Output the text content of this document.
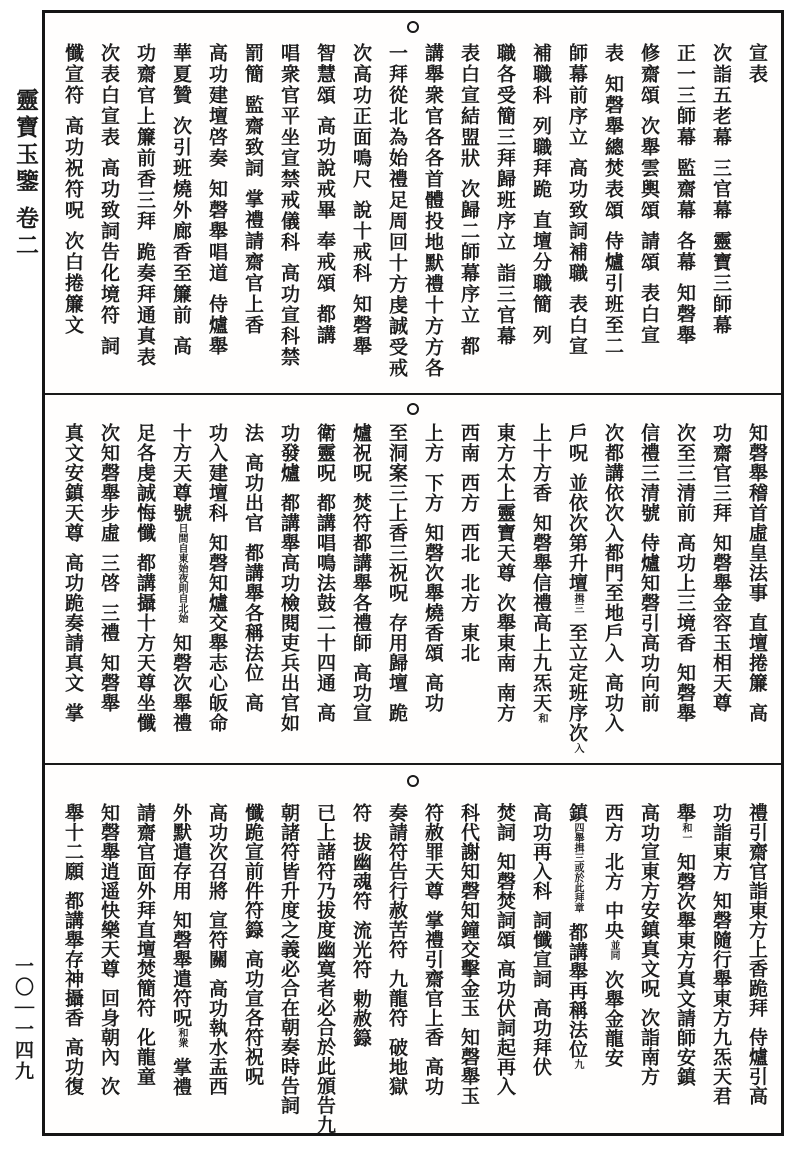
靈寶玉鑒卷二
一〇｜一四九
宣表
次詣五老幕三官幕靈寶三師幕
正一三師幕監齋幕各幕知磬舉
修齋頌次舉雲輿頌請頌表白宣
表知磬舉總焚表頌侍爐引班至二
師幕前序立高功致詞補職表白宣
補職科列職拜跪直壇分職簡列
職各受簡三拜歸班序立詣三官幕
表白宣結盟狀次歸二師幕序立都
講舉衆官各各首體投地默禮十方方各
一拜從北為始禮足周回十方虔誠受戒
次高功正面鳴尺說十戒科知磬舉
智慧頌高功說戒畢奉戒頌都講
唱衆官平坐宣禁戒儀科高功宣科禁
罰簡監齋致詞掌禮請齋官上香
高功建壇啓奏知磬舉唱道侍爐舉
華夏贊次引班燒外廊香至簾前高
功齋官上簾前香三拜跪奏拜通真表
次表白宣表高功致詞告化境符詞
懺宣符高功祝符呪次白捲簾文
知磬舉稽首虛皇法事直壇捲簾高
功齋官三拜知磬舉金容玉相天尊
次至三清前高功上三境香知磬舉
信禮三清號侍爐知磬引高功向前
次都講依次入都門至地戶入高功入
戶呪並依次第升壇揖三至立定班序次入
上十方香知磬舉信禮高上九炁天和
東方太上靈寶天尊次舉東南南方
西南西方西北北方東北
上方下方知磬次舉燒香頌高功
至洞案三上香三祝呪存用歸壇跪
爐祝呪焚符都講舉各禮師高功宣
衛靈呪都講唱鳴法鼓二十四通高
功發爐都講舉高功檢閱吏兵出官如
法高功出官都講舉各稱法位高
功入建壇科知磬知爐交舉志心皈命
十方天尊號日間自東始夜則自北始知磬次舉禮
足各虔誠悔懺都講攝十方天尊坐懺
次知磬舉步虛三啓三禮知磬舉
真文安鎮天尊高功跪奏請真文掌
禮引齋官詣東方上香跪拜侍爐引高
功詣東方知磬隨行舉東方九炁天君
舉和一知磬次舉東方真文請師安鎮
高功宣東方安鎮真文呪次詣南方
西方北方中央並同次舉金龍安
鎮四舉揖三或於此拜章都講舉再稱法位九
高功再入科詞懺宣詞高功拜伏
焚詞知磬焚詞頌高功伏詞起再入
科代謝知磬知鐘交擊金玉知磬舉玉
符赦罪天尊掌禮引齋官上香高功
奏請符告行赦苦符九龍符破地獄
符拔幽魂符流光符勅赦籙
已上諸符乃拔度幽寞者必合於此頒告九
朝諸符皆升度之義必合在朝奏時告詞
懺跪宣前件符籙高功宣各符祝呪
高功次召將宣符關高功執水盂西
外默遣存用知磬舉遣符呪和衆掌禮
請齋官面外拜直壇焚簡符化龍童
知磬舉逍遥快樂天尊回身朝內次
舉十二願都講舉存神攝香高功復
